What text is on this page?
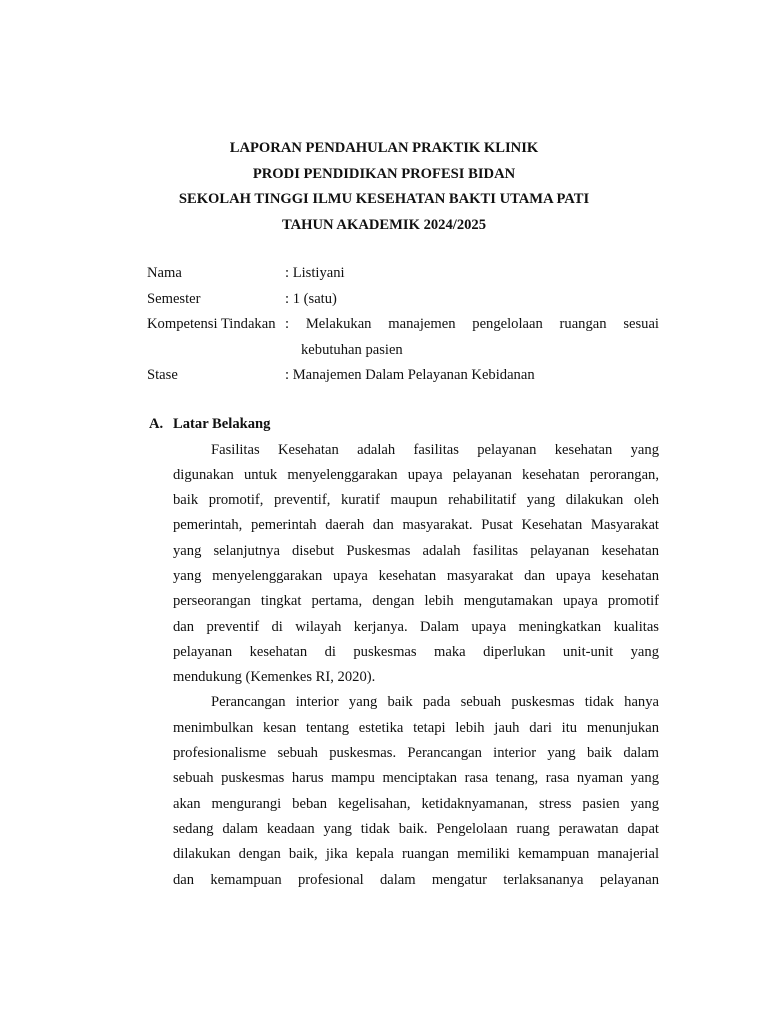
LAPORAN PENDAHULAN PRAKTIK KLINIK
PRODI PENDIDIKAN PROFESI BIDAN
SEKOLAH TINGGI ILMU KESEHATAN BAKTI UTAMA PATI
TAHUN AKADEMIK 2024/2025
Nama	: Listiyani
Semester	: 1 (satu)
Kompetensi Tindakan : Melakukan manajemen pengelolaan ruangan sesuai
kebutuhan pasien
Stase	: Manajemen Dalam Pelayanan Kebidanan
A. Latar Belakang
Fasilitas Kesehatan adalah fasilitas pelayanan kesehatan yang
digunakan untuk menyelenggarakan upaya pelayanan kesehatan perorangan,
baik promotif, preventif, kuratif maupun rehabilitatif yang dilakukan oleh
pemerintah, pemerintah daerah dan masyarakat. Pusat Kesehatan Masyarakat
yang selanjutnya disebut Puskesmas adalah fasilitas pelayanan kesehatan
yang menyelenggarakan upaya kesehatan masyarakat dan upaya kesehatan
perseorangan tingkat pertama, dengan lebih mengutamakan upaya promotif
dan preventif di wilayah kerjanya. Dalam upaya meningkatkan kualitas
pelayanan kesehatan di puskesmas maka diperlukan unit-unit yang
mendukung (Kemenkes RI, 2020).
Perancangan interior yang baik pada sebuah puskesmas tidak hanya
menimbulkan kesan tentang estetika tetapi lebih jauh dari itu menunjukan
profesionalisme sebuah puskesmas. Perancangan interior yang baik dalam
sebuah puskesmas harus mampu menciptakan rasa tenang, rasa nyaman yang
akan mengurangi beban kegelisahan, ketidaknyamanan, stress pasien yang
sedang dalam keadaan yang tidak baik. Pengelolaan ruang perawatan dapat
dilakukan dengan baik, jika kepala ruangan memiliki kemampuan manajerial
dan kemampuan profesional dalam mengatur terlaksananya pelayanan
